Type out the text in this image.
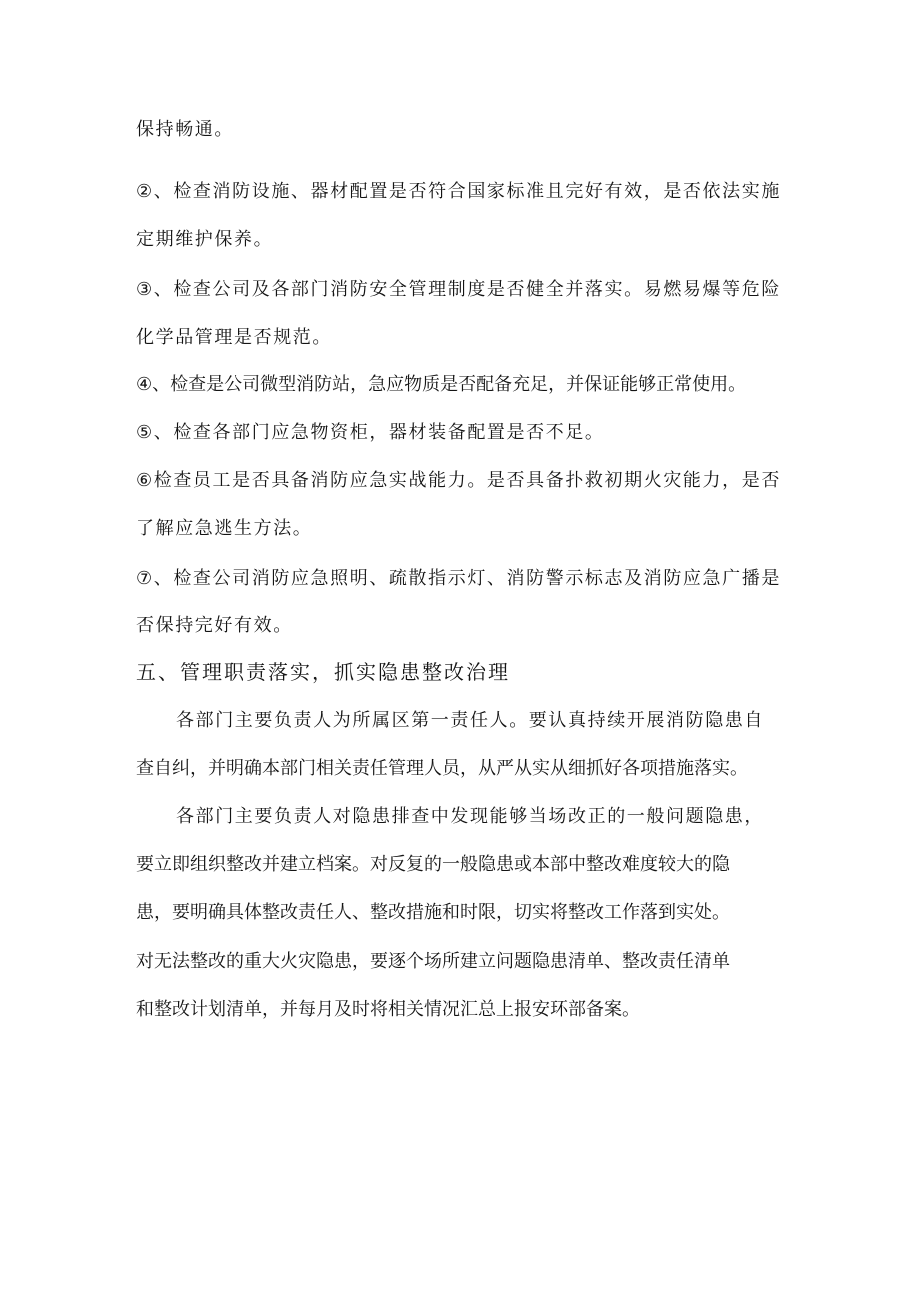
保持畅通。
②、检查消防设施、器材配置是否符合国家标准且完好有效，是否依法实施
定期维护保养。
③、检查公司及各部门消防安全管理制度是否健全并落实。易燃易爆等危险
化学品管理是否规范。
④、检查是公司微型消防站，急应物质是否配备充足，并保证能够正常使用。
⑤、检查各部门应急物资柜，器材装备配置是否不足。
⑥检查员工是否具备消防应急实战能力。是否具备扑救初期火灾能力，是否
了解应急逃生方法。
⑦、检查公司消防应急照明、疏散指示灯、消防警示标志及消防应急广播是
否保持完好有效。
五、管理职责落实，抓实隐患整改治理
各部门主要负责人为所属区第一责任人。要认真持续开展消防隐患自
查自纠，并明确本部门相关责任管理人员，从严从实从细抓好各项措施落实。
各部门主要负责人对隐患排查中发现能够当场改正的一般问题隐患，
要立即组织整改并建立档案。对反复的一般隐患或本部中整改难度较大的隐
患，要明确具体整改责任人、整改措施和时限，切实将整改工作落到实处。
对无法整改的重大火灾隐患，要逐个场所建立问题隐患清单、整改责任清单
和整改计划清单，并每月及时将相关情况汇总上报安环部备案。
